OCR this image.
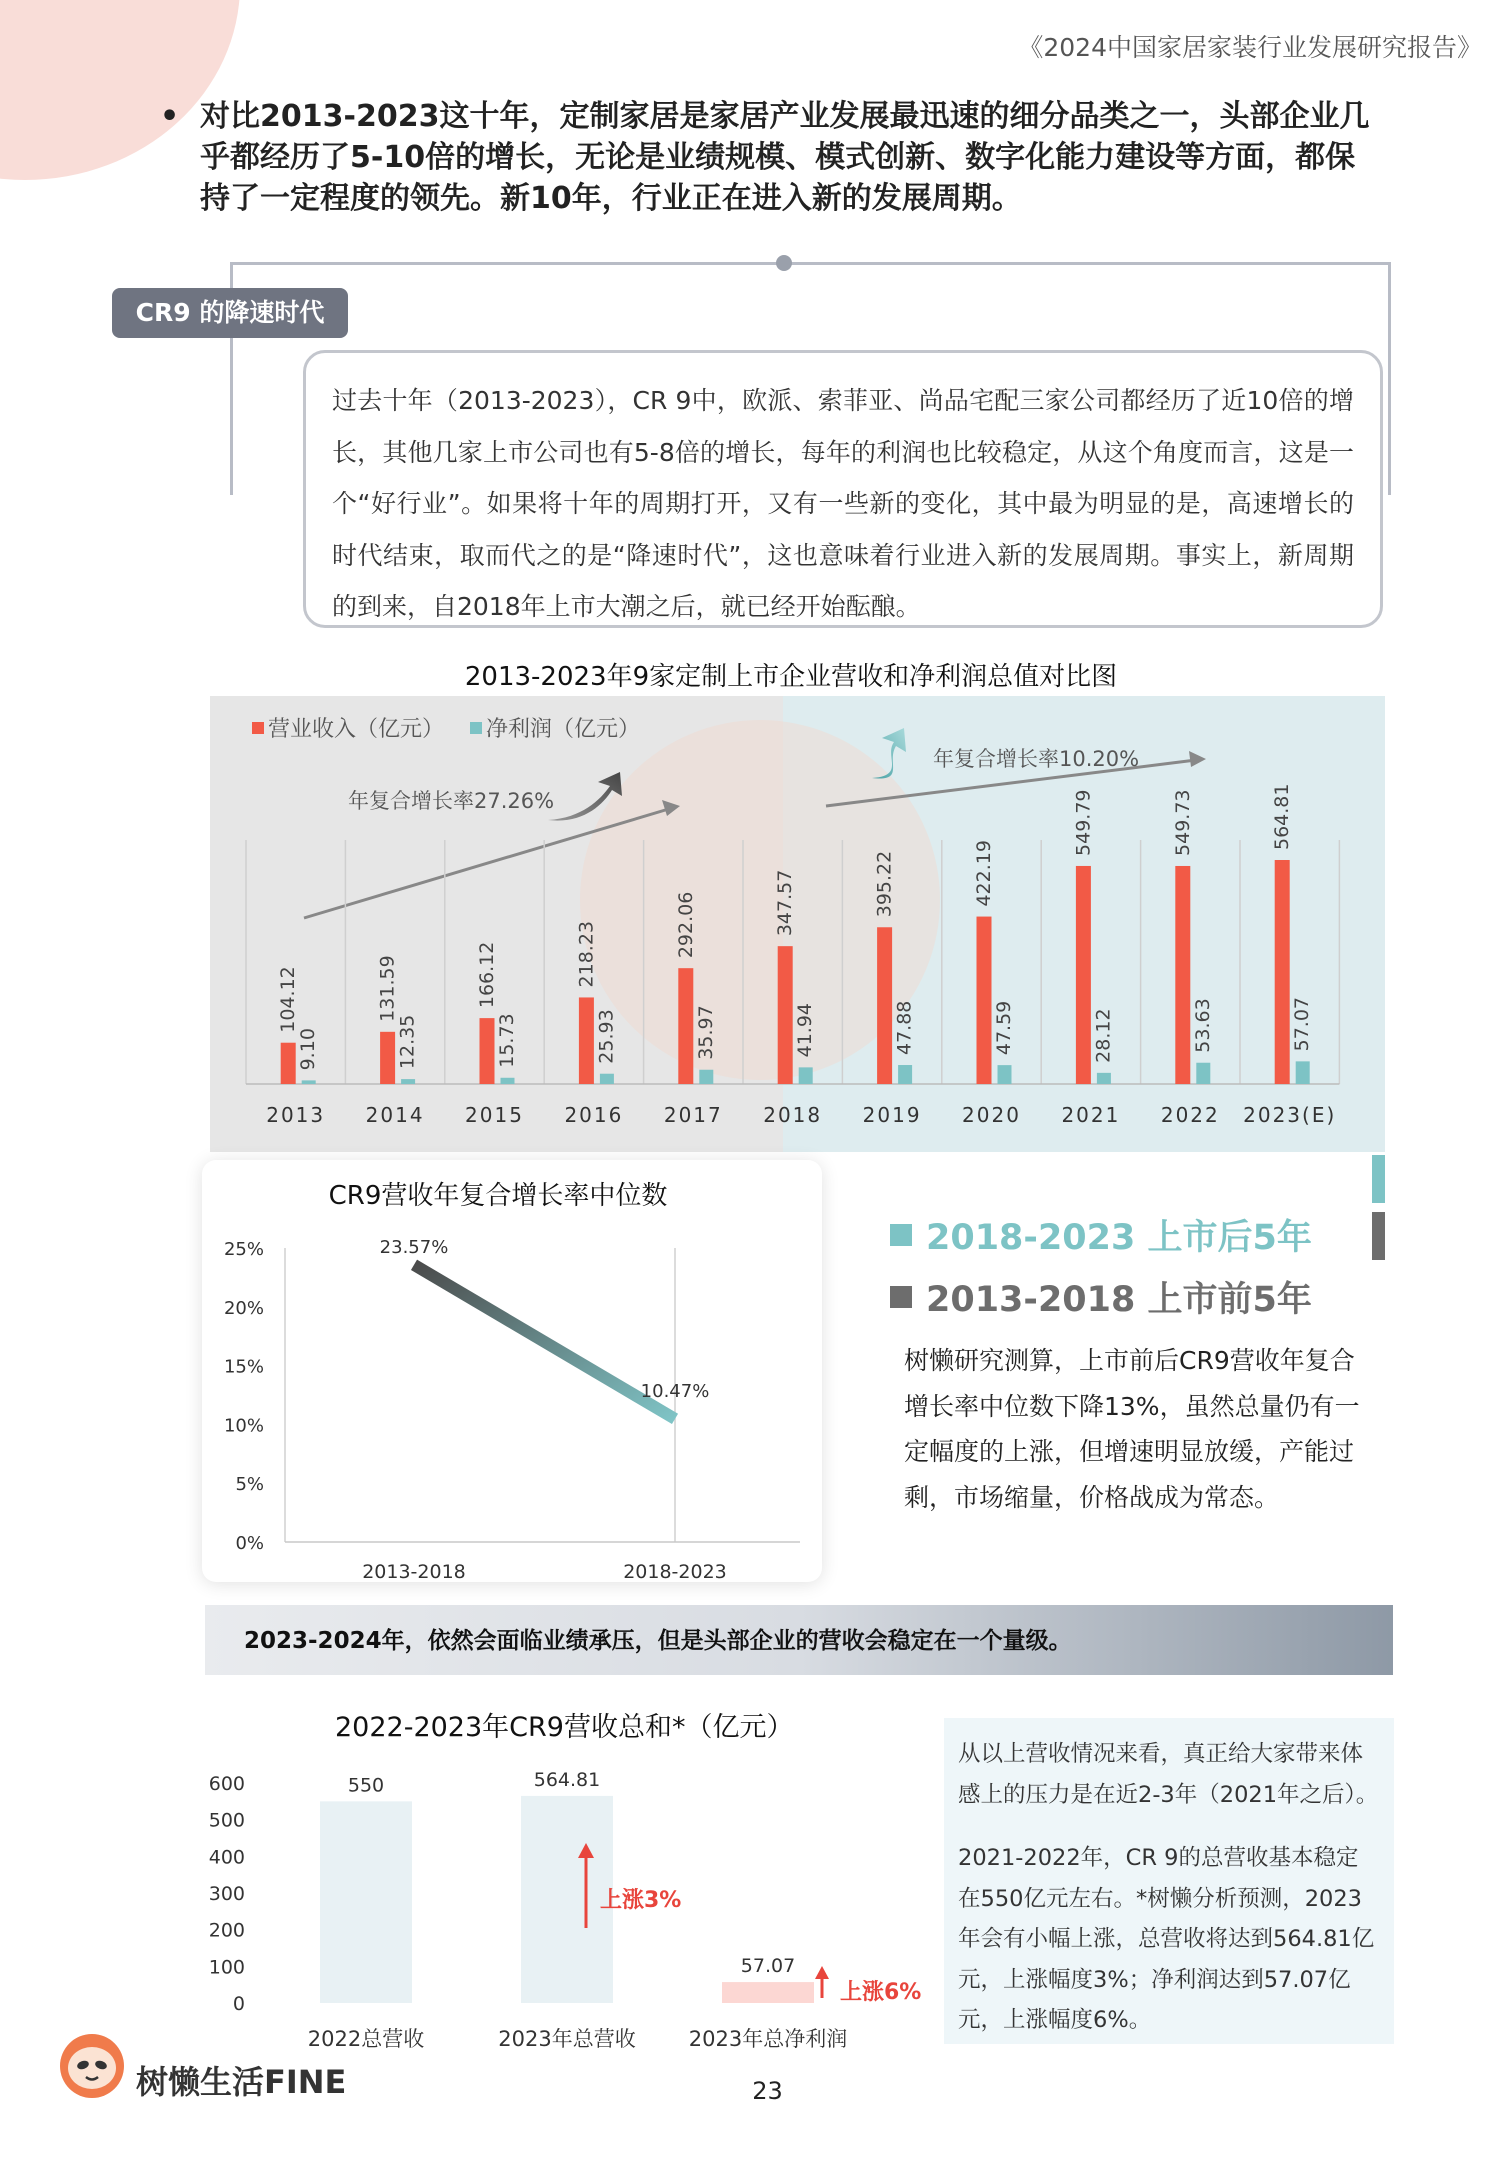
《2024中国家居家装行业发展研究报告》
• 对比2013-2023这十年，定制家居是家居产业发展最迅速的细分品类之一，头部企业几乎都经历了5-10倍的增长，无论是业绩规模、模式创新、数字化能力建设等方面，都保持了一定程度的领先。新10年，行业正在进入新的发展周期。
CR9 的降速时代
过去十年（2013-2023），CR 9中，欧派、索菲亚、尚品宅配三家公司都经历了近10倍的增长，其他几家上市公司也有5-8倍的增长，每年的利润也比较稳定，从这个角度而言，这是一个“好行业”。如果将十年的周期打开，又有一些新的变化，其中最为明显的是，高速增长的时代结束，取而代之的是“降速时代”，这也意味着行业进入新的发展周期。事实上，新周期的到来，自2018年上市大潮之后，就已经开始酝酿。
2013-2023年9家定制上市企业营收和净利润总值对比图
营业收入（亿元） 净利润（亿元）
年复合增长率27.26%
年复合增长率10.20%
104.12
9.10
2013
131.59
12.35
2014
166.12
15.73
2015
218.23
25.93
2016
292.06
35.97
2017
347.57
41.94
2018
395.22
47.88
2019
422.19
47.59
2020
549.79
28.12
2021
549.73
53.63
2022
564.81
57.07
2023(E)
CR9营收年复合增长率中位数
0%
5%
10%
15%
20%
25%	23.57%
10.47%
2013-2018	2018-2023
2018-2023 上市后5年
2013-2018 上市前5年
树懒研究测算，上市前后CR9营收年复合增长率中位数下降13%，虽然总量仍有一定幅度的上涨，但增速明显放缓，产能过剩，市场缩量，价格战成为常态。
2023-2024年，依然会面临业绩承压，但是头部企业的营收会稳定在一个量级。
2022-2023年CR9营收总和*（亿元）
0
100
200
300
400
500
600	550
2022总营收
564.81
2023年总营收
57.07
2023年总净利润
上涨3%
上涨6%

从以上营收情况来看，真正给大家带来体感上的压力是在近2-3年（2021年之后）。

2021-2022年，CR 9的总营收基本稳定在550亿元左右。*树懒分析预测，2023年会有小幅上涨，总营收将达到564.81亿元，上涨幅度3%；净利润达到57.07亿元，上涨幅度6%。

树懒生活FINE	23
